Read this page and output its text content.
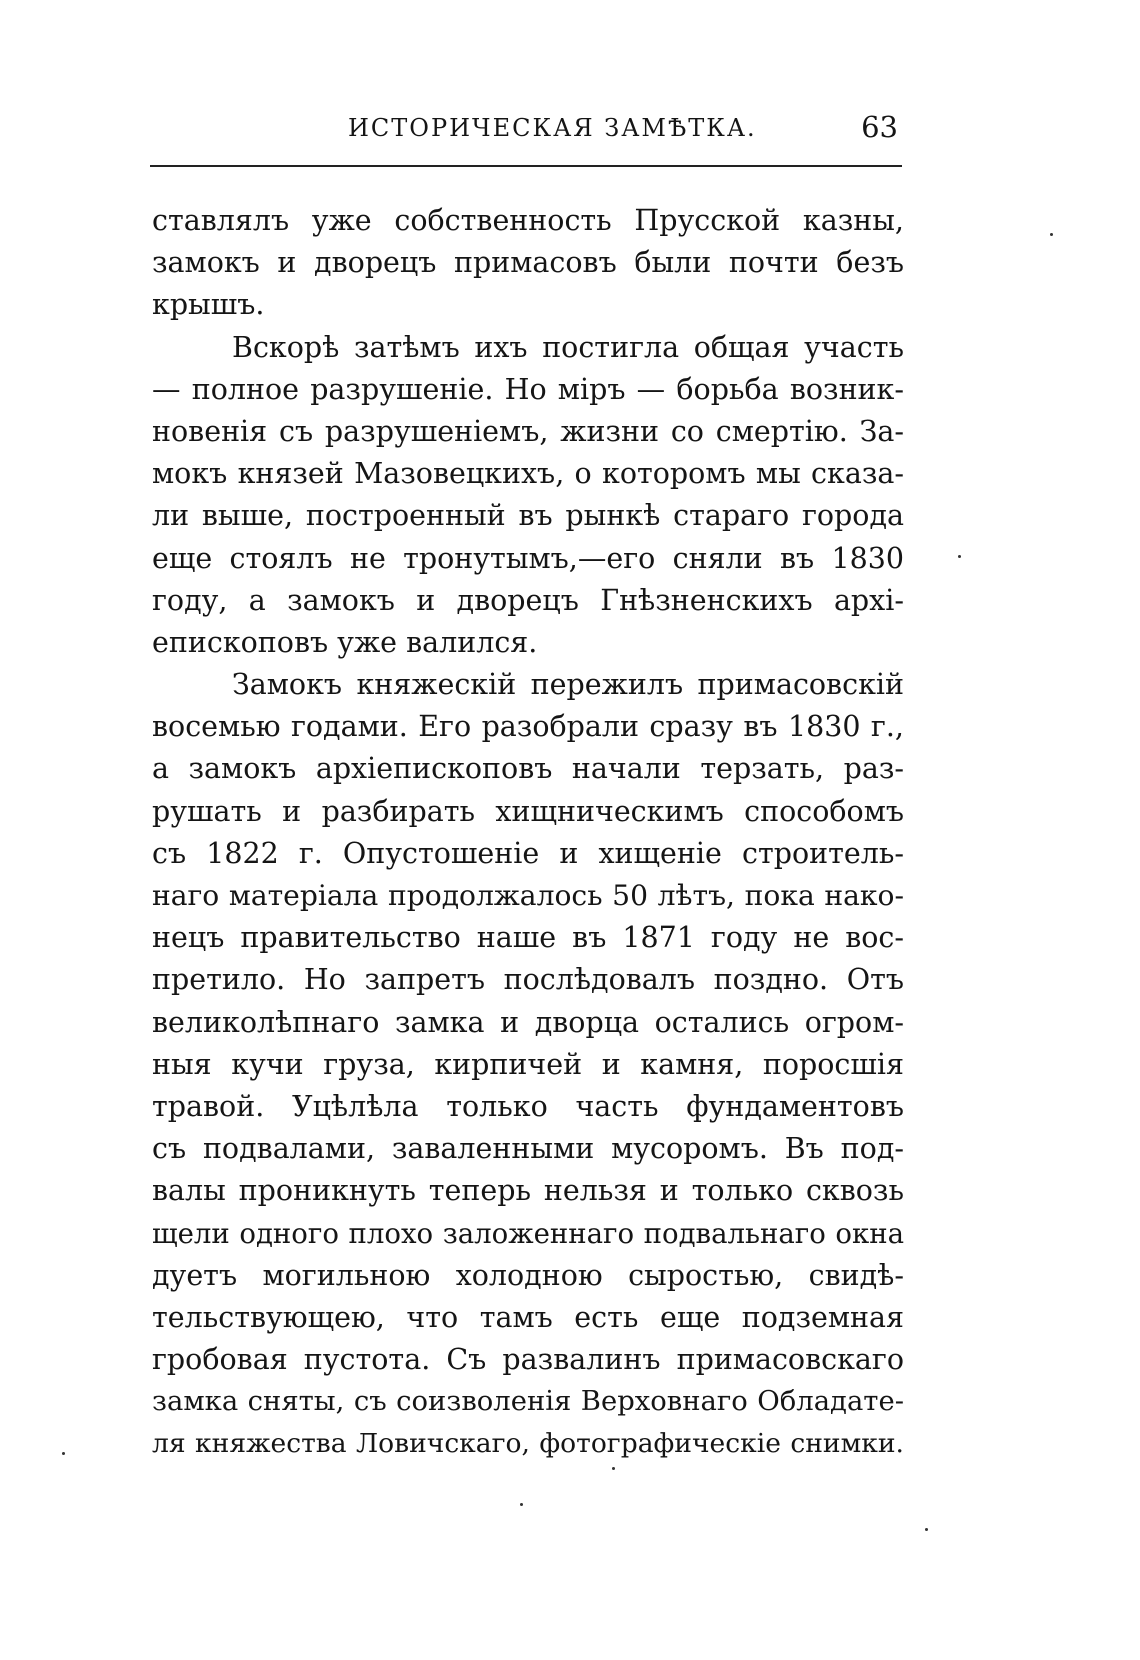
ИСТОРИЧЕСКАЯ ЗАМѢТКА.	63
ставлялъ уже собственность Прусской казны,
замокъ и дворецъ примасовъ были почти безъ
крышъ.
Вскорѣ затѣмъ ихъ постигла общая участь
— полное разрушеніе. Но міръ — борьба возник-
новенія съ разрушеніемъ, жизни со смертію. За-
мокъ князей Мазовецкихъ, о которомъ мы сказа-
ли выше, построенный въ рынкѣ стараго города
еще стоялъ не тронутымъ,—его сняли въ 1830
году, а замокъ и дворецъ Гнѣзненскихъ архі-
епископовъ уже валился.
Замокъ княжескій пережилъ примасовскій
восемью годами. Его разобрали сразу въ 1830 г.,
а замокъ архіепископовъ начали терзать, раз-
рушать и разбирать хищническимъ способомъ
съ 1822 г. Опустошеніе и хищеніе строитель-
наго матеріала продолжалось 50 лѣтъ, пока нако-
нецъ правительство наше въ 1871 году не вос-
претило. Но запретъ послѣдовалъ поздно. Отъ
великолѣпнаго замка и дворца остались огром-
ныя кучи груза, кирпичей и камня, поросшія
травой. Уцѣлѣла только часть фундаментовъ
съ подвалами, заваленными мусоромъ. Въ под-
валы проникнуть теперь нельзя и только сквозь
щели одного плохо заложеннаго подвальнаго окна
дуетъ могильною холодною сыростью, свидѣ-
тельствующею, что тамъ есть еще подземная
гробовая пустота. Съ развалинъ примасовскаго
замка сняты, съ соизволенія Верховнаго Обладате-
ля княжества Ловичскаго, фотографическіе снимки.
